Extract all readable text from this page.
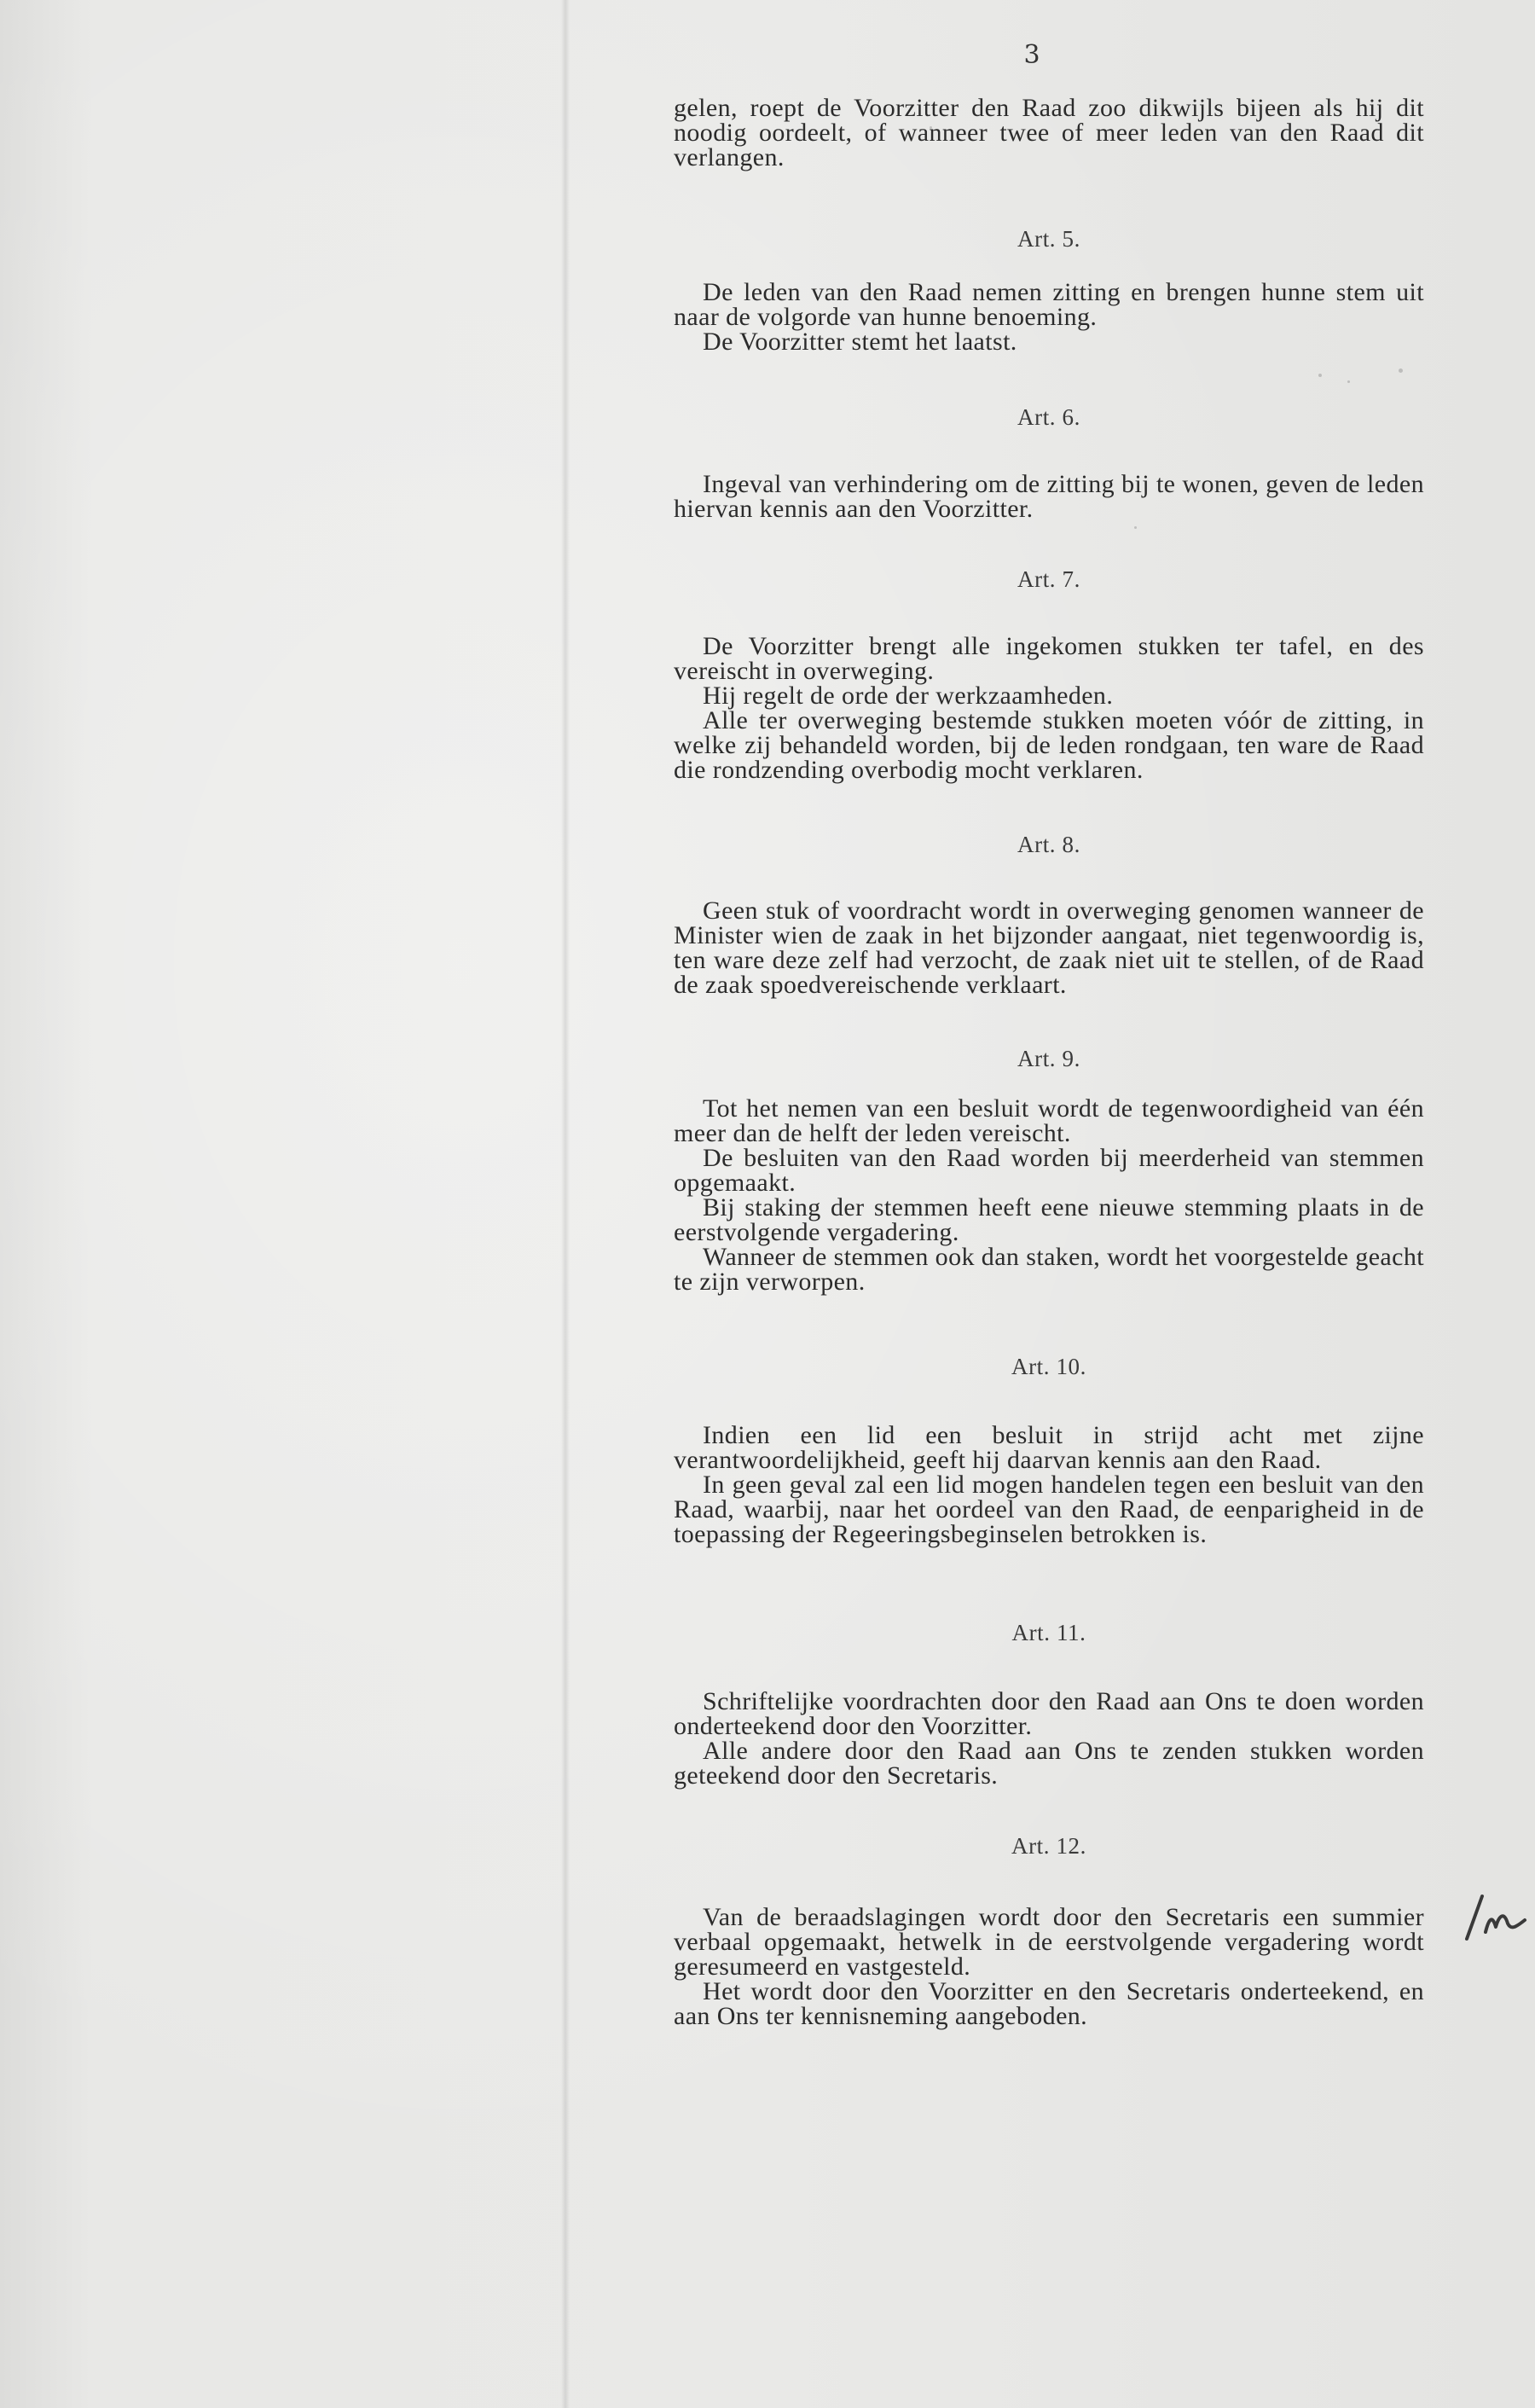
3

gelen, roept de Voorzitter den Raad zoo dikwijls bijeen als hij dit noodig oordeelt, of wanneer twee of meer leden van den Raad dit verlangen.

Art. 5.

De leden van den Raad nemen zitting en brengen hunne stem uit naar de volgorde van hunne benoeming.

De Voorzitter stemt het laatst.

Art. 6.

Ingeval van verhindering om de zitting bij te wonen, geven de leden hiervan kennis aan den Voorzitter.

Art. 7.

De Voorzitter brengt alle ingekomen stukken ter tafel, en des vereischt in overweging.

Hij regelt de orde der werkzaamheden.

Alle ter overweging bestemde stukken moeten vóór de zitting, in welke zij behandeld worden, bij de leden rondgaan, ten ware de Raad die rondzending overbodig mocht verklaren.

Art. 8.

Geen stuk of voordracht wordt in overweging genomen wanneer de Minister wien de zaak in het bijzonder aangaat, niet tegenwoordig is, ten ware deze zelf had verzocht, de zaak niet uit te stellen, of de Raad de zaak spoedvereischende verklaart.

Art. 9.

Tot het nemen van een besluit wordt de tegenwoordigheid van één meer dan de helft der leden vereischt.

De besluiten van den Raad worden bij meerderheid van stemmen opgemaakt.

Bij staking der stemmen heeft eene nieuwe stemming plaats in de eerstvolgende vergadering.

Wanneer de stemmen ook dan staken, wordt het voorgestelde geacht te zijn verworpen.

Art. 10.

Indien een lid een besluit in strijd acht met zijne verantwoordelijkheid, geeft hij daarvan kennis aan den Raad.

In geen geval zal een lid mogen handelen tegen een besluit van den Raad, waarbij, naar het oordeel van den Raad, de eenparigheid in de toepassing der Regeeringsbeginselen betrokken is.

Art. 11.

Schriftelijke voordrachten door den Raad aan Ons te doen worden onderteekend door den Voorzitter.

Alle andere door den Raad aan Ons te zenden stukken worden geteekend door den Secretaris.

Art. 12.

Van de beraadslagingen wordt door den Secretaris een summier verbaal opgemaakt, hetwelk in de eerstvolgende vergadering wordt geresumeerd en vastgesteld.

Het wordt door den Voorzitter en den Secretaris onderteekend, en aan Ons ter kennisneming aangeboden.
